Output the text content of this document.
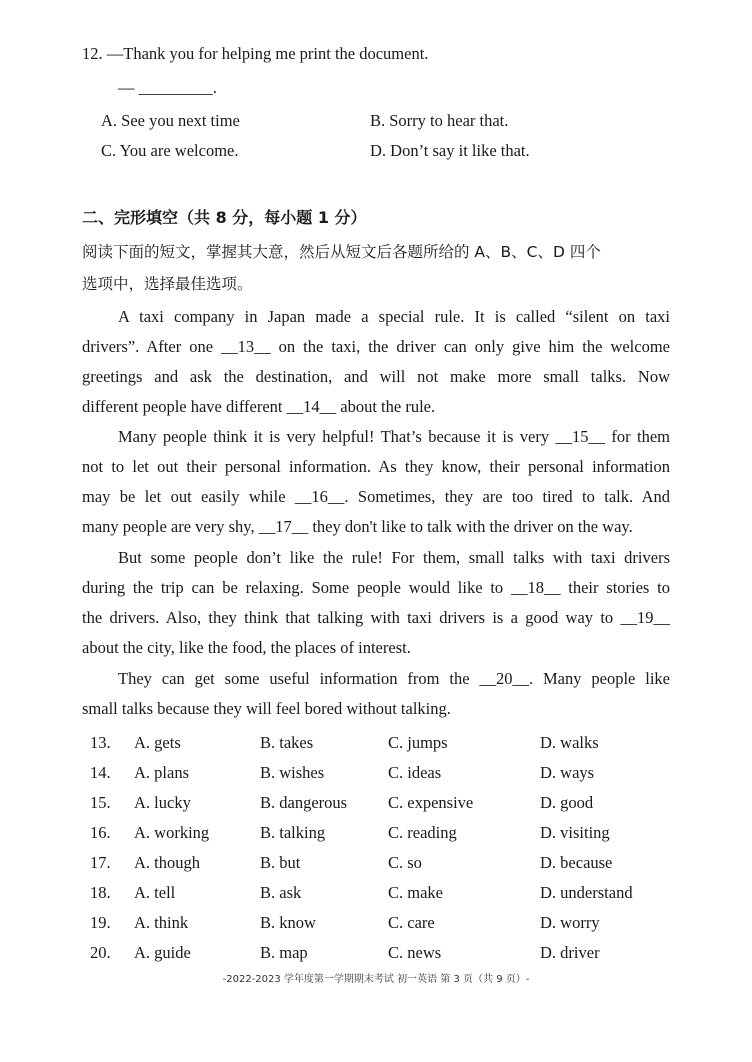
12. —Thank you for helping me print the document.
— _________.
A. See you next time	B. Sorry to hear that.
C. You are welcome.	D. Don’t say it like that.
二、完形填空（共 8 分，每小题 1 分）
阅读下面的短文，掌握其大意，然后从短文后各题所给的 A、B、C、D 四个
选项中，选择最佳选项。
A taxi company in Japan made a special rule. It is called “silent on taxi
drivers”. After one __13__ on the taxi, the driver can only give him the welcome
greetings and ask the destination, and will not make more small talks. Now
different people have different __14__ about the rule.
Many people think it is very helpful! That’s because it is very __15__ for them
not to let out their personal information. As they know, their personal information
may be let out easily while __16__. Sometimes, they are too tired to talk. And
many people are very shy, __17__ they don't like to talk with the driver on the way.
But some people don’t like the rule! For them, small talks with taxi drivers
during the trip can be relaxing. Some people would like to __18__ their stories to
the drivers. Also, they think that talking with taxi drivers is a good way to __19__
about the city, like the food, the places of interest.
They can get some useful information from the __20__. Many people like
small talks because they will feel bored without talking.
13. A. gets	B. takes	C. jumps	D. walks
14. A. plans	B. wishes	C. ideas	D. ways
15. A. lucky	B. dangerous C. expensive	D. good
16. A. working	B. talking	C. reading	D. visiting
17. A. though	B. but	C. so	D. because
18. A. tell	B. ask	C. make	D. understand
19. A. think	B. know	C. care	D. worry
20. A. guide	B. map	C. news	D. driver
-2022-2023 学年度第一学期期末考试 初一英语 第 3 页（共 9 页）-
